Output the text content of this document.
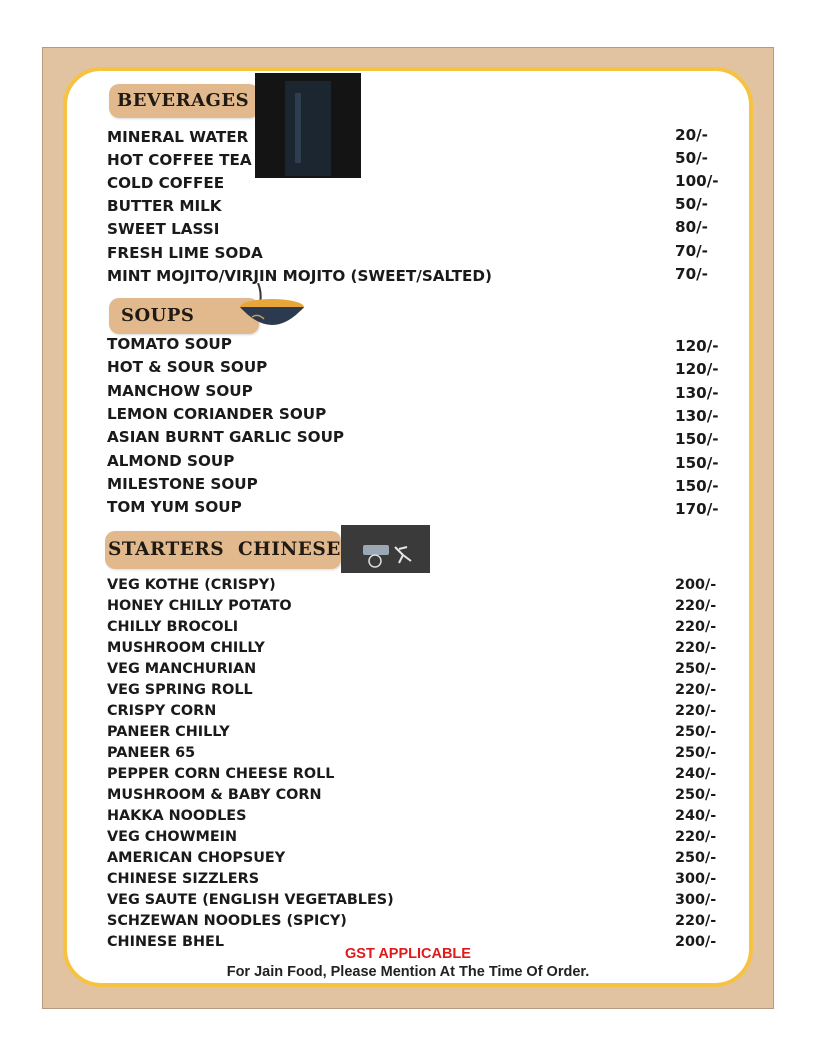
BEVERAGES
MINERAL WATER	20/-
HOT COFFEE TEA	50/-
COLD COFFEE	100/-
BUTTER MILK	50/-
SWEET LASSI	80/-
FRESH LIME SODA	70/-
MINT MOJITO/VIRJIN MOJITO (SWEET/SALTED)	70/-
SOUPS
TOMATO SOUP	120/-
HOT & SOUR SOUP	120/-
MANCHOW SOUP	130/-
LEMON CORIANDER SOUP	130/-
ASIAN BURNT GARLIC SOUP	150/-
ALMOND SOUP	150/-
MILESTONE SOUP	150/-
TOM YUM SOUP	170/-
STARTERS  CHINESE
VEG KOTHE (CRISPY)	200/-
HONEY CHILLY POTATO	220/-
CHILLY BROCOLI	220/-
MUSHROOM CHILLY	220/-
VEG MANCHURIAN	250/-
VEG SPRING ROLL	220/-
CRISPY CORN	220/-
PANEER CHILLY	250/-
PANEER 65	250/-
PEPPER CORN CHEESE ROLL	240/-
MUSHROOM & BABY CORN	250/-
HAKKA NOODLES	240/-
VEG CHOWMEIN	220/-
AMERICAN CHOPSUEY	250/-
CHINESE SIZZLERS	300/-
VEG SAUTE (ENGLISH VEGETABLES)	300/-
SCHZEWAN NOODLES (SPICY)	220/-
CHINESE BHEL	200/-
GST APPLICABLE
For Jain Food, Please Mention At The Time Of Order.
